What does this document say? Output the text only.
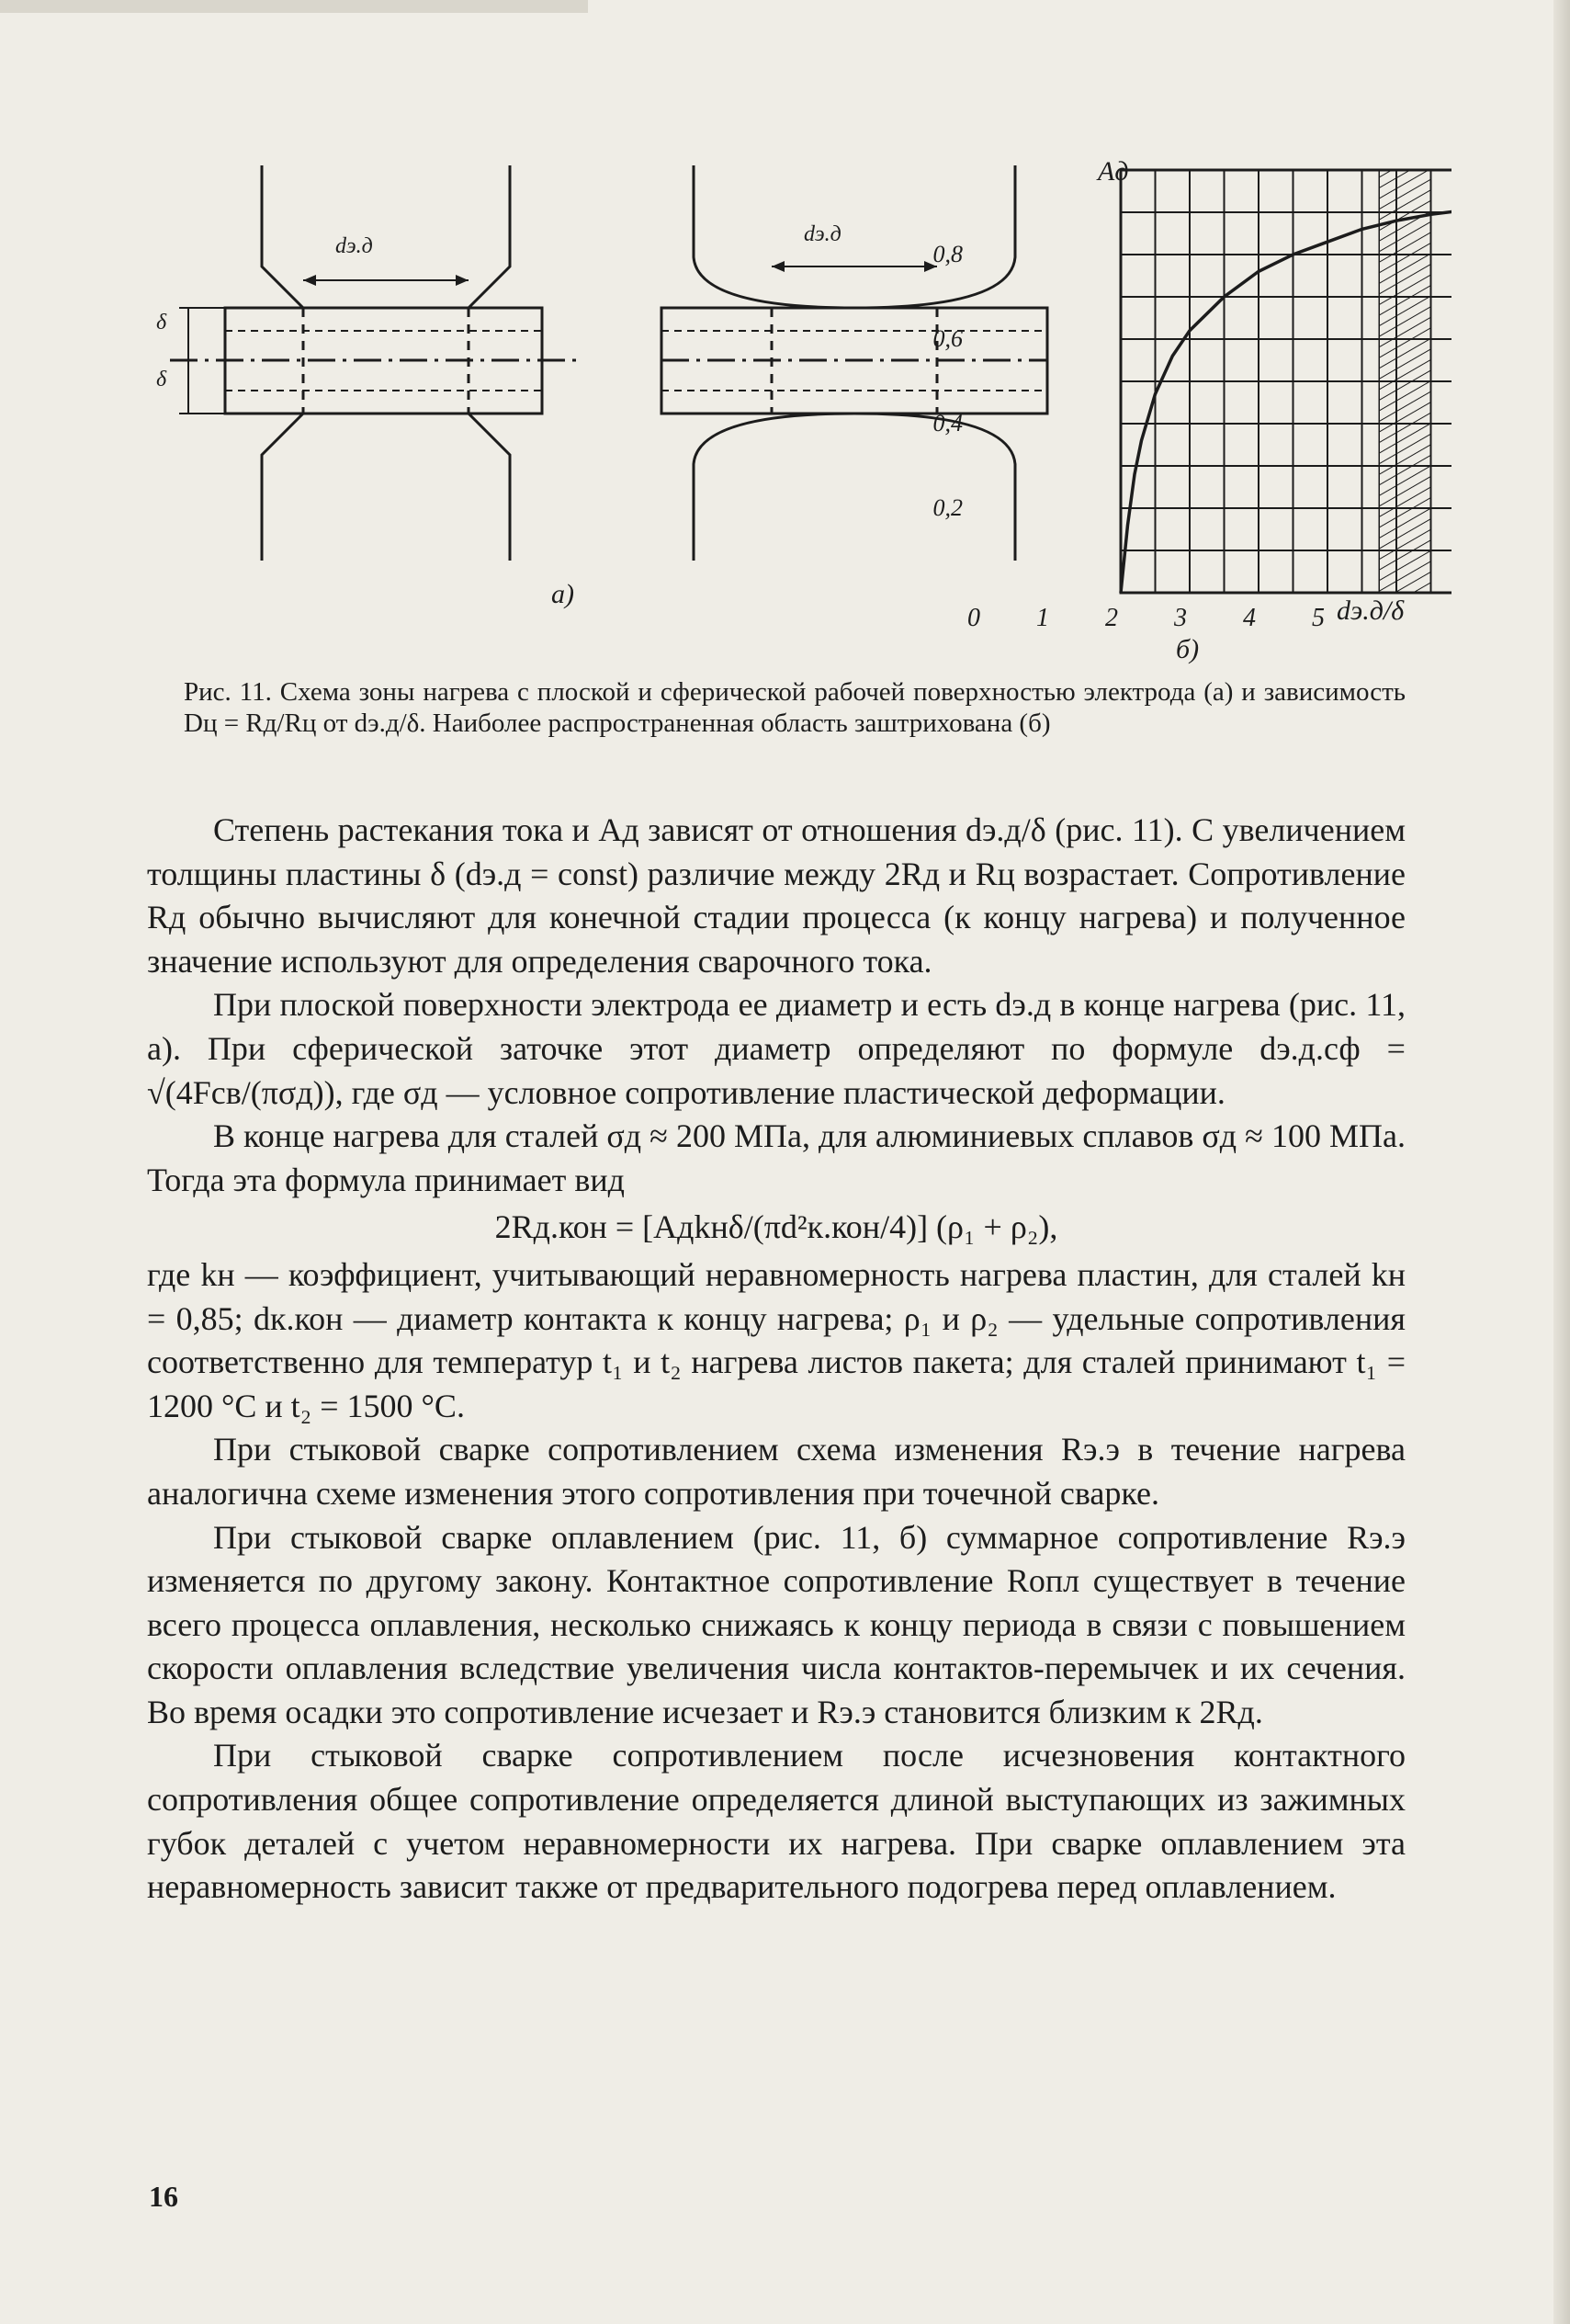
dэ.д	dэ.д
δ
δ
а)
б)
Aд
dэ.д/δ
0 1 2 3 4 5
0,2
0,4
0,6
0,8
Рис. 11. Схема зоны нагрева с плоской и сферической рабочей поверхностью электрода (а) и зависимость Dц = Rд/Rц от dэ.д/δ. Наиболее распространенная область заштрихована (б)

Степень растекания тока и Aд зависят от отношения dэ.д/δ (рис. 11). С увеличением толщины пластины δ (dэ.д = const) различие между 2Rд и Rц возрастает. Сопротивление Rд обычно вычисляют для конечной стадии процесса (к концу нагрева) и полученное значение используют для определения сварочного тока.

При плоской поверхности электрода ее диаметр и есть dэ.д в конце нагрева (рис. 11, а). При сферической заточке этот диаметр определяют по формуле dэ.д.сф = √(4Fсв/(πσд)), где σд — условное сопротивление пластической деформации.

В конце нагрева для сталей σд ≈ 200 МПа, для алюминиевых сплавов σд ≈ 100 МПа. Тогда эта формула принимает вид

2Rд.кон = [Aдkнδ/(πd²к.кон/4)] (ρ₁ + ρ₂),

где kн — коэффициент, учитывающий неравномерность нагрева пластин, для сталей kн = 0,85; dк.кон — диаметр контакта к концу нагрева; ρ₁ и ρ₂ — удельные сопротивления соответственно для температур t₁ и t₂ нагрева листов пакета; для сталей принимают t₁ = 1200 °C и t₂ = 1500 °C.

При стыковой сварке сопротивлением схема изменения Rэ.э в течение нагрева аналогична схеме изменения этого сопротивления при точечной сварке.

При стыковой сварке оплавлением (рис. 11, б) суммарное сопротивление Rэ.э изменяется по другому закону. Контактное сопротивление Rопл существует в течение всего процесса оплавления, несколько снижаясь к концу периода в связи с повышением скорости оплавления вследствие увеличения числа контактов-перемычек и их сечения. Во время осадки это сопротивление исчезает и Rэ.э становится близким к 2Rд.

При стыковой сварке сопротивлением после исчезновения контактного сопротивления общее сопротивление определяется длиной выступающих из зажимных губок деталей с учетом неравномерности их нагрева. При сварке оплавлением эта неравномерность зависит также от предварительного подогрева перед оплавлением.

16
